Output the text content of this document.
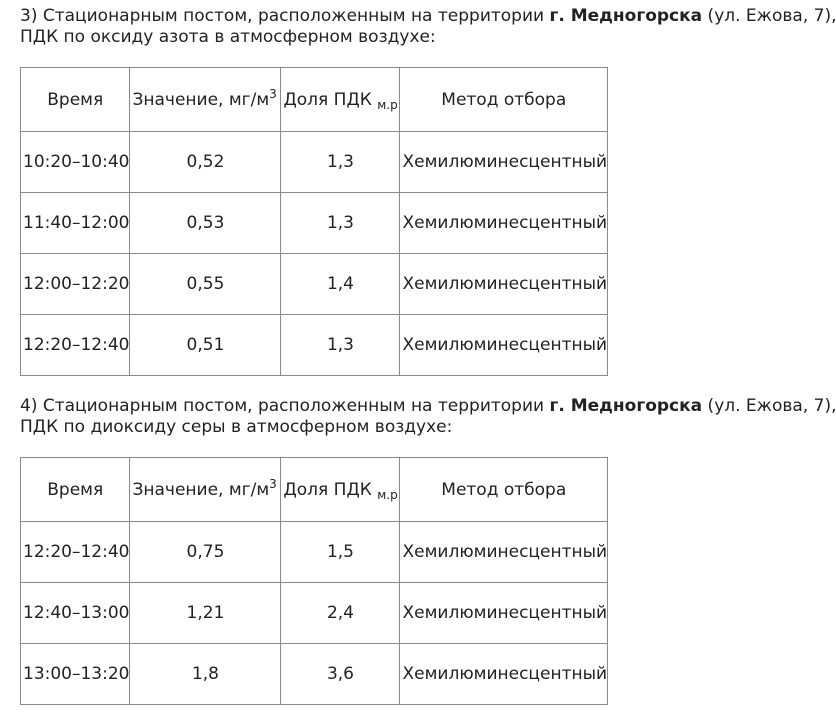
3) Стационарным постом, расположенным на территории г. Медногорска (ул. Ежова, 7),
ПДК по оксиду азота в атмосферном воздухе:
Время	Значение, $мг/м^3$	Доля ПДК $_{м.р}$	Метод отбора
10:20–10:40	0,52	1,3	Хемилюминесцентный
11:40–12:00	0,53	1,3	Хемилюминесцентный
12:00–12:20	0,55	1,4	Хемилюминесцентный
12:20–12:40	0,51	1,3	Хемилюминесцентный
4) Стационарным постом, расположенным на территории г. Медногорска (ул. Ежова, 7),
ПДК по диоксиду серы в атмосферном воздухе:
Время	Значение, $мг/м^3$	Доля ПДК $_{м.р}$	Метод отбора
12:20–12:40	0,75	1,5	Хемилюминесцентный
12:40–13:00	1,21	2,4	Хемилюминесцентный
13:00–13:20	1,8	3,6	Хемилюминесцентный
